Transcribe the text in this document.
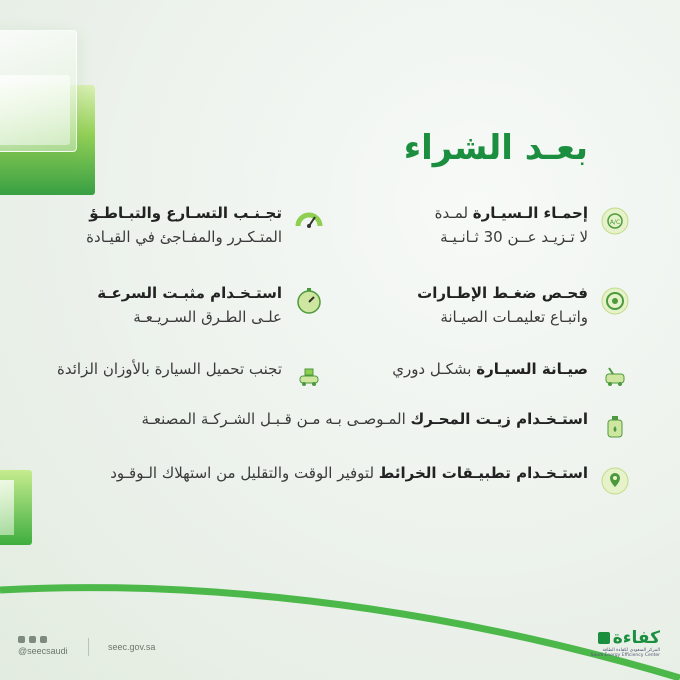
بعـد الشراء
A/C
إحمـاء الـسيـارة لمـدة
لا تـزيـد عــن 30 ثـانـيـة
فحـص ضغـط الإطـارات
واتبـاع تعليمـات الصيـانة
صيـانة السيـارة بشكـل دوري
استـخـدام زيـت المحـرك المـوصـى بـه مـن قـبـل الشـركـة المصنعـة
استـخـدام تطبيـقات الخرائط لتوفير الوقت والتقليل من استهلاك الـوقـود
تجـنـب التسـارع والتبـاطـؤ
المتـكـرر والمفـاجئ في القيـادة
استـخـدام مثبـت السرعـة
علـى الطـرق السـريـعـة
تجنب تحميل السيارة بالأوزان الزائدة
@seecsaudi	seec.gov.sa	كفاءة
المركز السعودي لكفاءة الطاقة
Saudi Energy Efficiency Center
